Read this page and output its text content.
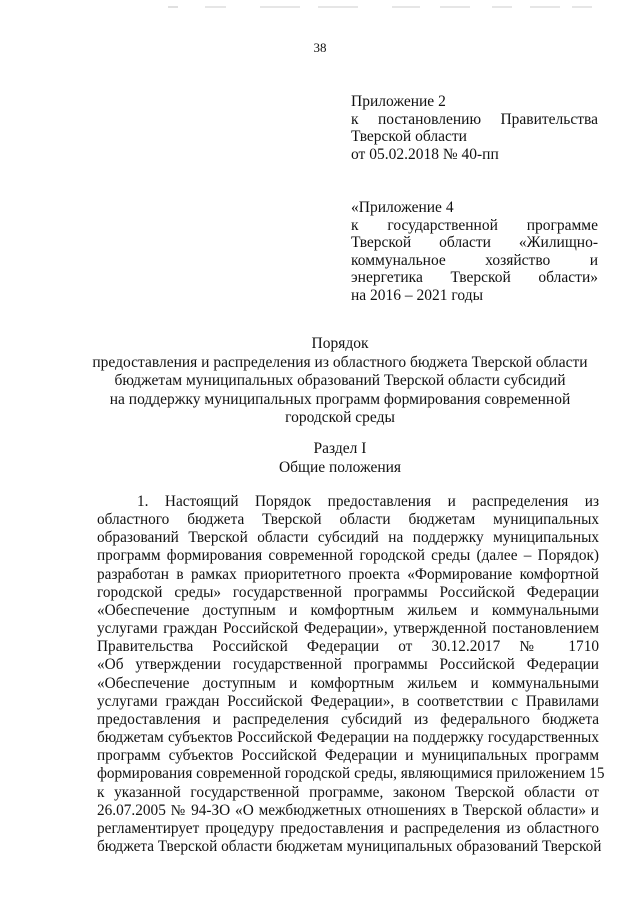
38
Приложение 2
к постановлению Правительства
Тверской области
от 05.02.2018 № 40-пп
«Приложение 4
к государственной программе
Тверской области «Жилищно-
коммунальное хозяйство и
энергетика Тверской области»
на 2016 – 2021 годы
Порядок
предоставления и распределения из областного бюджета Тверской области
бюджетам муниципальных образований Тверской области субсидий
на поддержку муниципальных программ формирования современной
городской среды
Раздел I
Общие положения
1. Настоящий Порядок предоставления и распределения из
областного бюджета Тверской области бюджетам муниципальных
образований Тверской области субсидий на поддержку муниципальных
программ формирования современной городской среды (далее – Порядок)
разработан в рамках приоритетного проекта «Формирование комфортной
городской среды» государственной программы Российской Федерации
«Обеспечение доступным и комфортным жильем и коммунальными
услугами граждан Российской Федерации», утвержденной постановлением
Правительства Российской Федерации от 30.12.2017 № 1710
«Об утверждении государственной программы Российской Федерации
«Обеспечение доступным и комфортным жильем и коммунальными
услугами граждан Российской Федерации», в соответствии с Правилами
предоставления и распределения субсидий из федерального бюджета
бюджетам субъектов Российской Федерации на поддержку государственных
программ субъектов Российской Федерации и муниципальных программ
формирования современной городской среды, являющимися приложением 15
к указанной государственной программе, законом Тверской области от
26.07.2005 № 94-ЗО «О межбюджетных отношениях в Тверской области» и
регламентирует процедуру предоставления и распределения из областного
бюджета Тверской области бюджетам муниципальных образований Тверской
